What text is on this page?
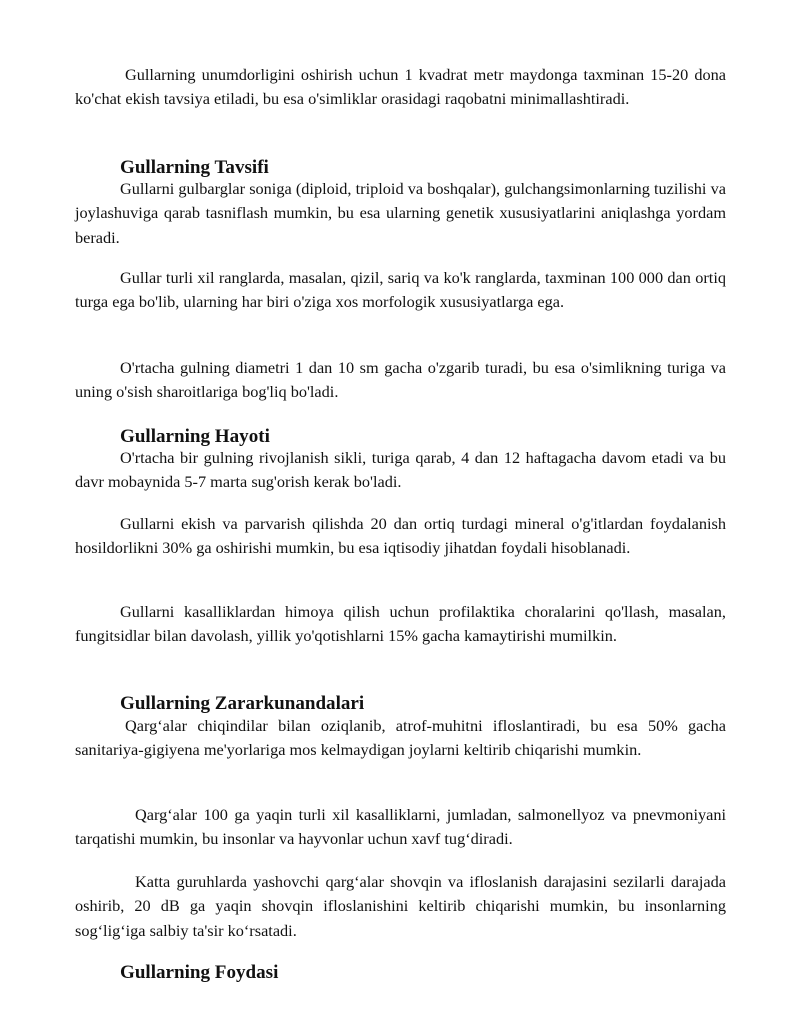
Gullarning unumdorligini oshirish uchun 1 kvadrat metr maydonga taxminan 15-20 dona ko'chat ekish tavsiya etiladi, bu esa o'simliklar orasidagi raqobatni minimallashtiradi.

Gullarning Tavsifi

Gullarni gulbarglar soniga (diploid, triploid va boshqalar), gulchangsimonlarning tuzilishi va joylashuviga qarab tasniflash mumkin, bu esa ularning genetik xususiyatlarini aniqlashga yordam beradi.

Gullar turli xil ranglarda, masalan, qizil, sariq va ko'k ranglarda, taxminan 100 000 dan ortiq turga ega bo'lib, ularning har biri o'ziga xos morfologik xususiyatlarga ega.

O'rtacha gulning diametri 1 dan 10 sm gacha o'zgarib turadi, bu esa o'simlikning turiga va uning o'sish sharoitlariga bog'liq bo'ladi.

Gullarning Hayoti

O'rtacha bir gulning rivojlanish sikli, turiga qarab, 4 dan 12 haftagacha davom etadi va bu davr mobaynida 5-7 marta sug'orish kerak bo'ladi.

Gullarni ekish va parvarish qilishda 20 dan ortiq turdagi mineral o'g'itlardan foydalanish hosildorlikni 30% ga oshirishi mumkin, bu esa iqtisodiy jihatdan foydali hisoblanadi.

Gullarni kasalliklardan himoya qilish uchun profilaktika choralarini qo'llash, masalan, fungitsidlar bilan davolash, yillik yo'qotishlarni 15% gacha kamaytirishi mumilkin.

Gullarning Zararkunandalari

Qarg‘alar chiqindilar bilan oziqlanib, atrof-muhitni ifloslantiradi, bu esa 50% gacha sanitariya-gigiyena me'yorlariga mos kelmaydigan joylarni keltirib chiqarishi mumkin.

Qarg‘alar 100 ga yaqin turli xil kasalliklarni, jumladan, salmonellyoz va pnevmoniyani tarqatishi mumkin, bu insonlar va hayvonlar uchun xavf tug‘diradi.

Katta guruhlarda yashovchi qarg‘alar shovqin va ifloslanish darajasini sezilarli darajada oshirib, 20 dB ga yaqin shovqin ifloslanishini keltirib chiqarishi mumkin, bu insonlarning sog‘lig‘iga salbiy ta'sir ko‘rsatadi.

Gullarning Foydasi
